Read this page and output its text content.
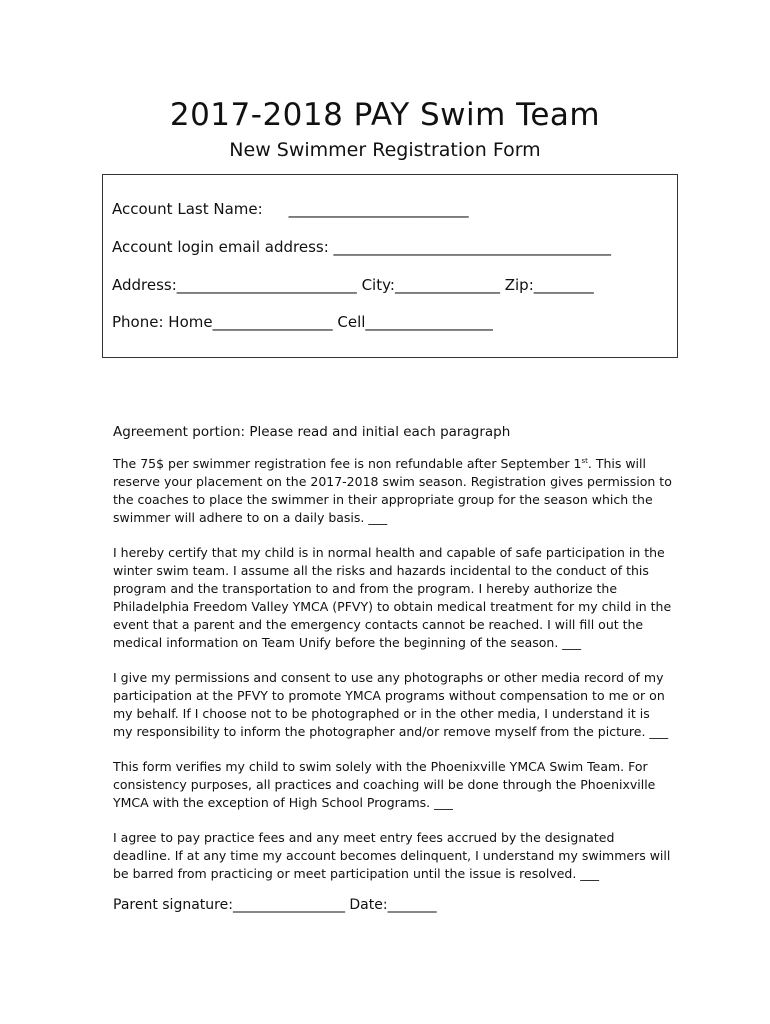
2017-2018 PAY Swim Team
New Swimmer Registration Form
Account Last Name: ________________________
Account login email address: _____________________________________
Address:________________________ City:______________ Zip:________
Phone: Home________________ Cell_________________
Agreement portion: Please read and initial each paragraph

The 75$ per swimmer registration fee is non refundable after September 1st. This will reserve your placement on the 2017-2018 swim season. Registration gives permission to the coaches to place the swimmer in their appropriate group for the season which the swimmer will adhere to on a daily basis. ___

I hereby certify that my child is in normal health and capable of safe participation in the winter swim team. I assume all the risks and hazards incidental to the conduct of this program and the transportation to and from the program. I hereby authorize the Philadelphia Freedom Valley YMCA (PFVY) to obtain medical treatment for my child in the event that a parent and the emergency contacts cannot be reached. I will fill out the medical information on Team Unify before the beginning of the season. ___

I give my permissions and consent to use any photographs or other media record of my participation at the PFVY to promote YMCA programs without compensation to me or on my behalf. If I choose not to be photographed or in the other media, I understand it is my responsibility to inform the photographer and/or remove myself from the picture. ___

This form verifies my child to swim solely with the Phoenixville YMCA Swim Team. For consistency purposes, all practices and coaching will be done through the Phoenixville YMCA with the exception of High School Programs. ___

I agree to pay practice fees and any meet entry fees accrued by the designated deadline. If at any time my account becomes delinquent, I understand my swimmers will be barred from practicing or meet participation until the issue is resolved. ___

Parent signature:________________ Date:_______
